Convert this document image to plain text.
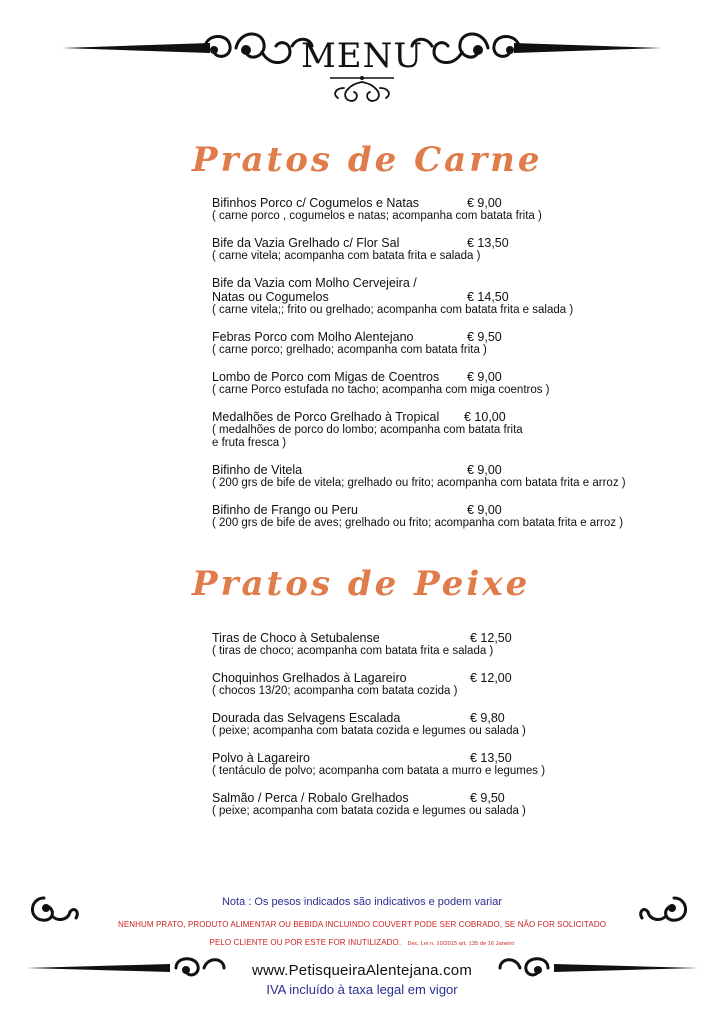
MENU
Pratos de Carne
Bifinhos Porco c/ Cogumelos e Natas	€ 9,00
( carne porco , cogumelos e natas; acompanha com batata frita )
Bife da Vazia Grelhado c/ Flor Sal	€ 13,50
( carne vitela; acompanha com batata frita e salada )
Bife da Vazia com Molho Cervejeira /
Natas ou Cogumelos	€ 14,50
( carne vitela;; frito ou grelhado; acompanha com batata frita e salada )
Febras Porco com Molho Alentejano	€ 9,50
( carne porco; grelhado; acompanha com batata frita )
Lombo de Porco com Migas de Coentros	€ 9,00
( carne Porco estufada no tacho; acompanha com miga coentros )
Medalhões de Porco Grelhado à Tropical	€ 10,00
( medalhões de porco do lombo; acompanha com batata frita
e fruta fresca )
Bifinho de Vitela	€ 9,00
( 200 grs de bife de vitela; grelhado ou frito; acompanha com batata frita e arroz )
Bifinho de Frango ou Peru	€ 9,00
( 200 grs de bife de aves; grelhado ou frito; acompanha com batata frita e arroz )
Pratos de Peixe
Tiras de Choco à Setubalense	€ 12,50
( tiras de choco; acompanha com batata frita e salada )
Choquinhos Grelhados à Lagareiro	€ 12,00
( chocos 13/20; acompanha com batata cozida )
Dourada das Selvagens Escalada	€ 9,80
( peixe; acompanha com batata cozida e legumes ou salada )
Polvo à Lagareiro	€ 13,50
( tentáculo de polvo; acompanha com batata a murro e legumes )
Salmão / Perca / Robalo Grelhados	€ 9,50
( peixe; acompanha com batata cozida e legumes ou salada )
Nota : Os pesos indicados são indicativos e podem variar
NENHUM PRATO, PRODUTO ALIMENTAR OU BEBIDA INCLUINDO COUVERT PODE SER COBRADO, SE NÃO FOR SOLICITADO
PELO CLIENTE OU POR ESTE FOR INUTILIZADO. Dec. Lei n. 10/2015 art. 135 de 16 Janeiro
www.PetisqueiraAlentejana.com
IVA incluído à taxa legal em vigor
